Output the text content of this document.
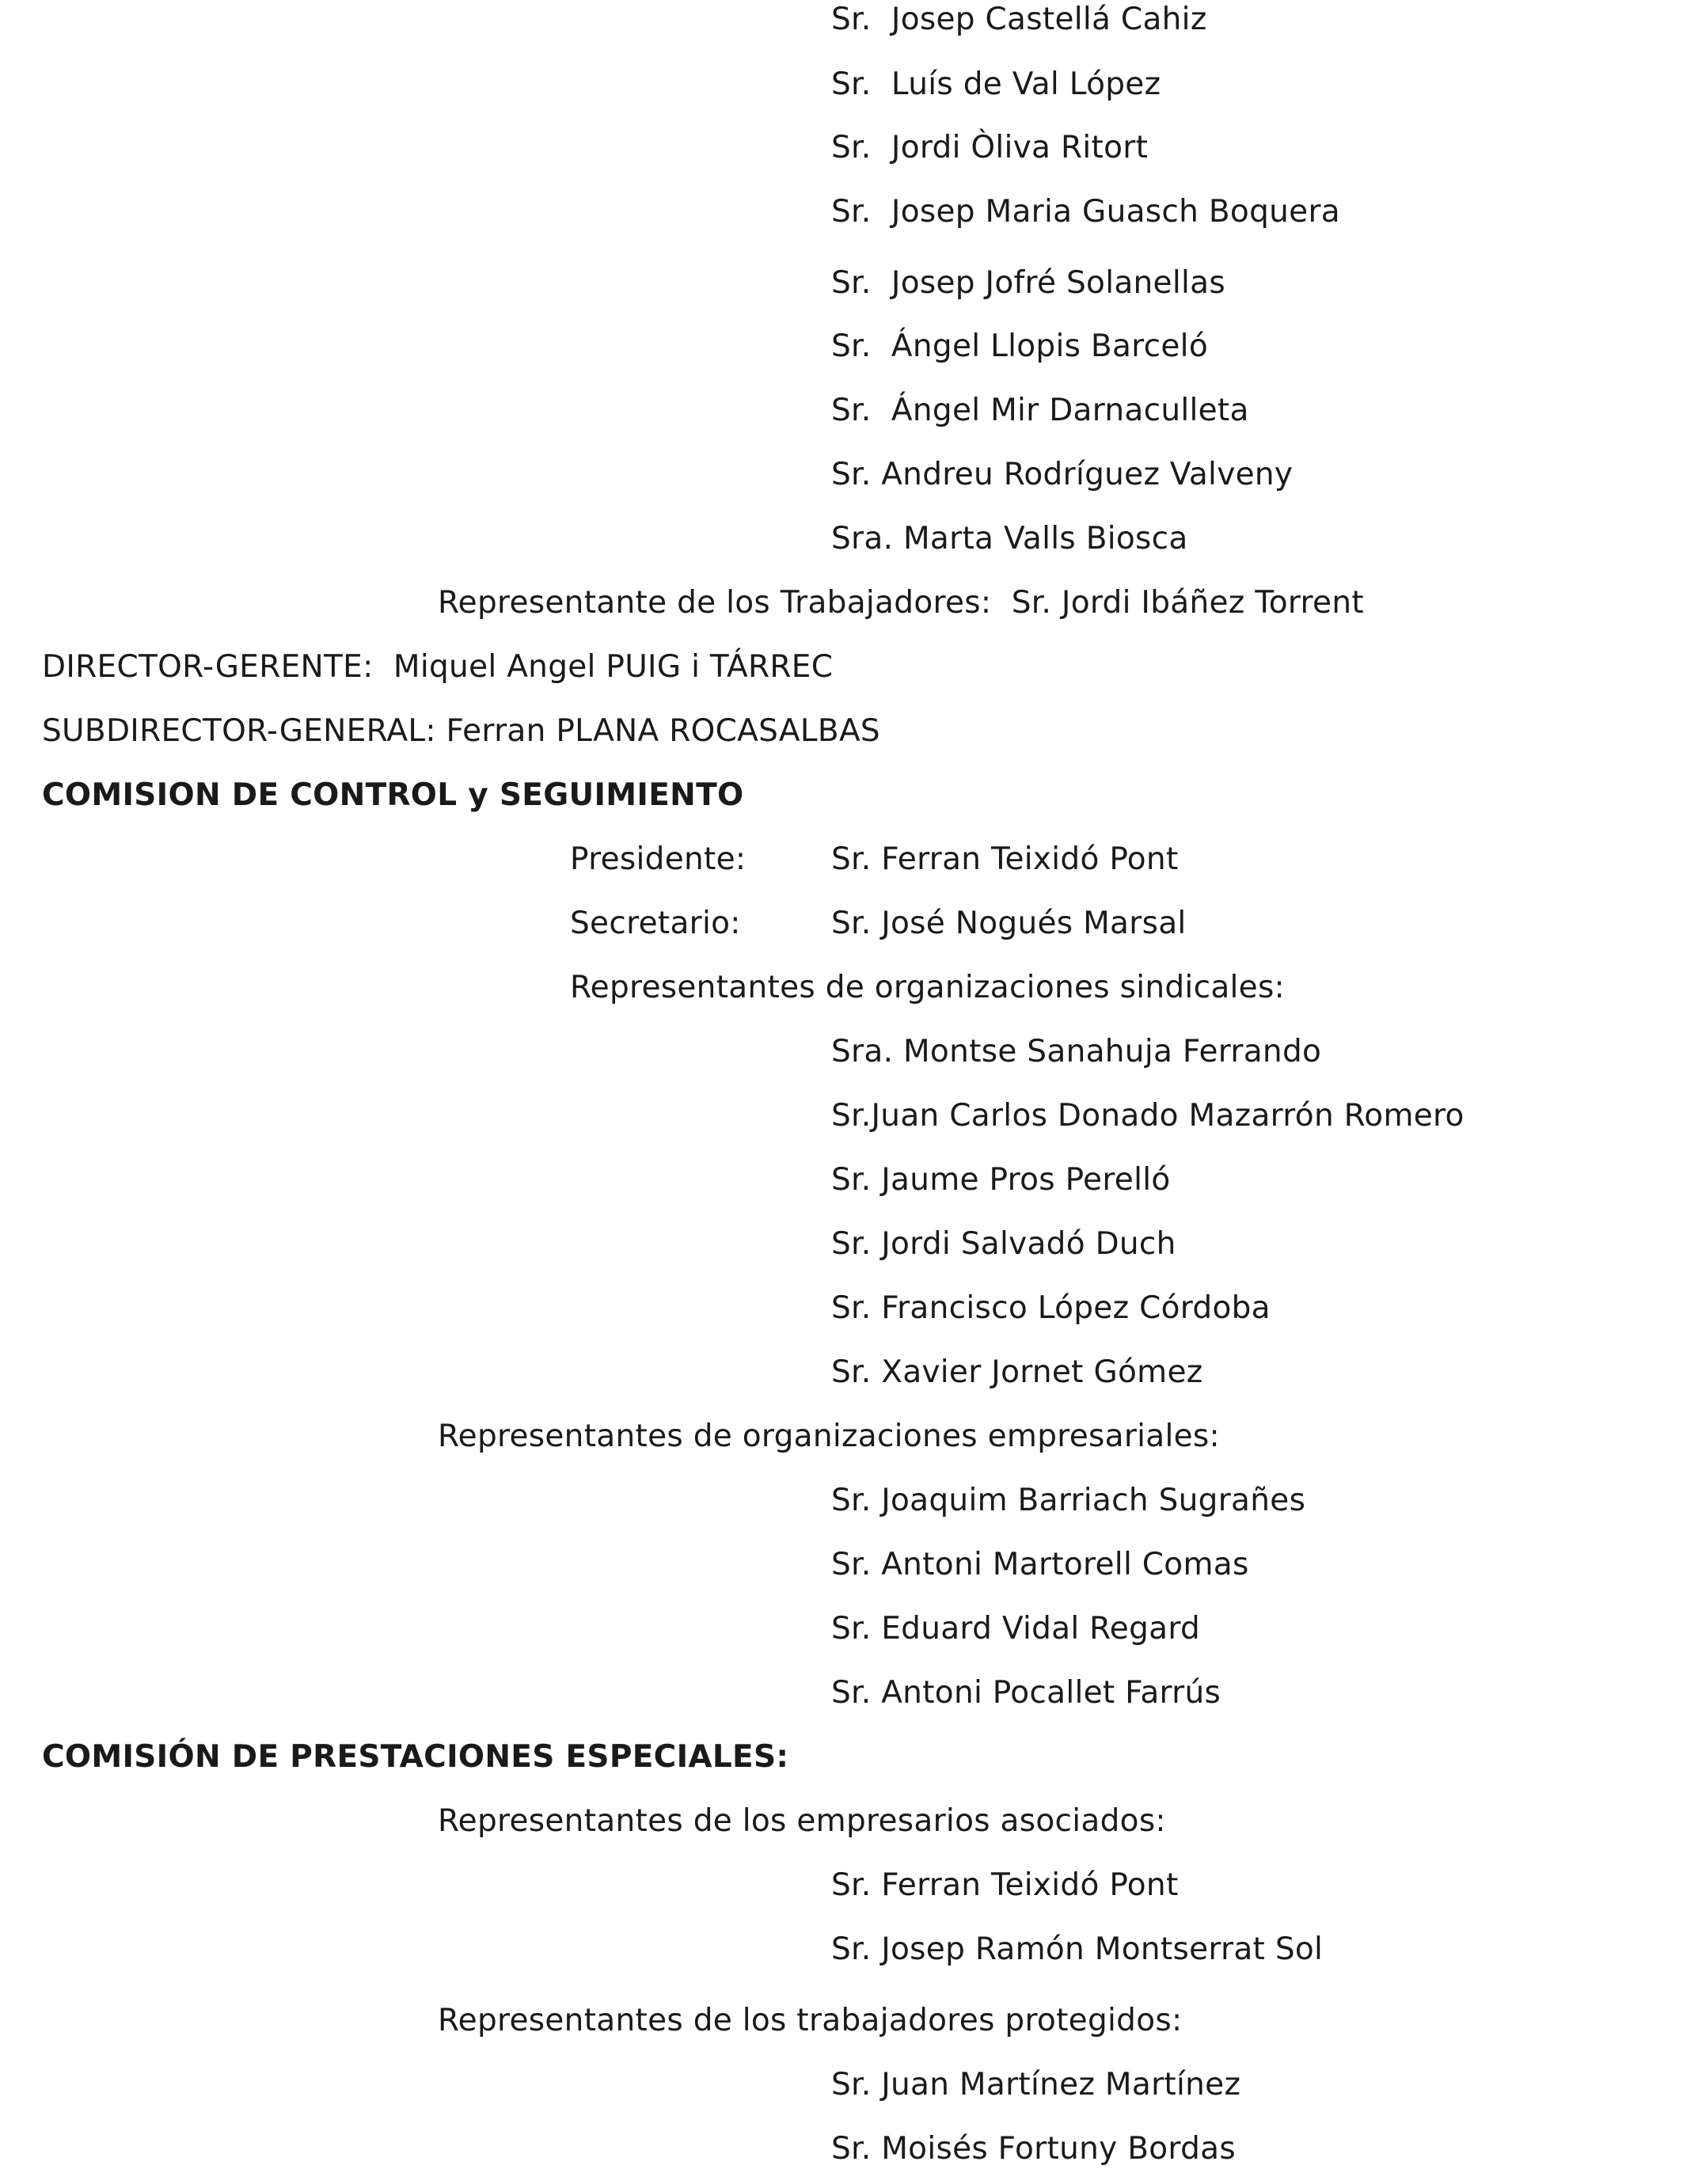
Sr.  Josep Castellá Cahiz
Sr.  Luís de Val López
Sr.  Jordi Òliva Ritort
Sr.  Josep Maria Guasch Boquera
Sr.  Josep Jofré Solanellas
Sr.  Ángel Llopis Barceló
Sr.  Ángel Mir Darnaculleta
Sr. Andreu Rodríguez Valveny
Sra. Marta Valls Biosca
Representante de los Trabajadores:  Sr. Jordi Ibáñez Torrent
DIRECTOR-GERENTE:  Miquel Angel PUIG i TÁRREC
SUBDIRECTOR-GENERAL: Ferran PLANA ROCASALBAS
COMISION DE CONTROL y SEGUIMIENTO
Presidente:	Sr. Ferran Teixidó Pont
Secretario:	Sr. José Nogués Marsal
Representantes de organizaciones sindicales:
Sra. Montse Sanahuja Ferrando
Sr.Juan Carlos Donado Mazarrón Romero
Sr. Jaume Pros Perelló
Sr. Jordi Salvadó Duch
Sr. Francisco López Córdoba
Sr. Xavier Jornet Gómez
Representantes de organizaciones empresariales:
Sr. Joaquim Barriach Sugrañes
Sr. Antoni Martorell Comas
Sr. Eduard Vidal Regard
Sr. Antoni Pocallet Farrús
COMISIÓN DE PRESTACIONES ESPECIALES:
Representantes de los empresarios asociados:
Sr. Ferran Teixidó Pont
Sr. Josep Ramón Montserrat Sol
Representantes de los trabajadores protegidos:
Sr. Juan Martínez Martínez
Sr. Moisés Fortuny Bordas
